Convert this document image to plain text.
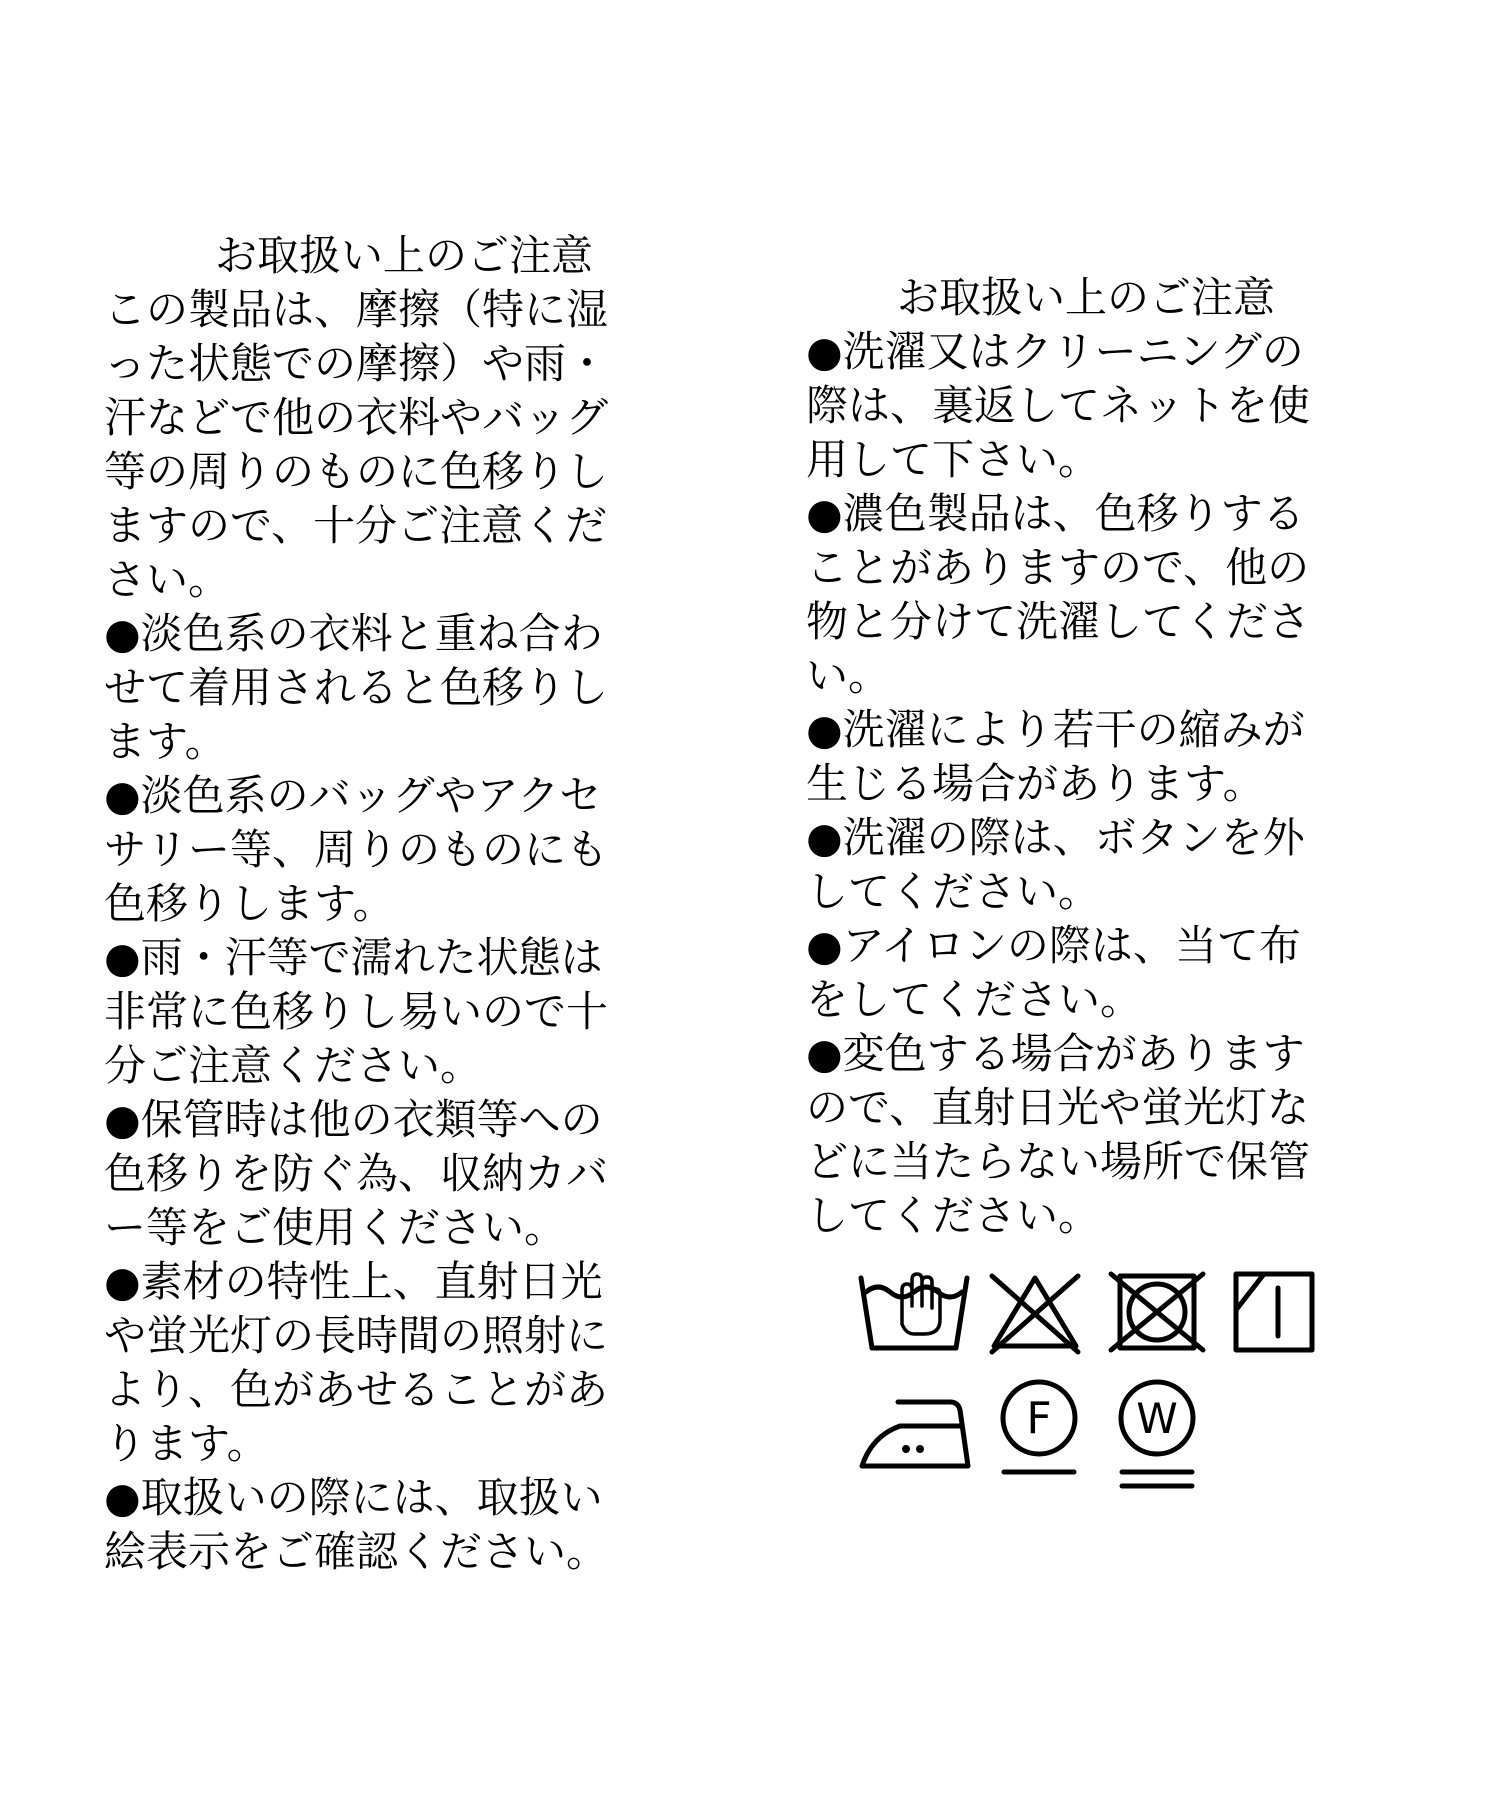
お取扱い上のご注意
この製品は、摩擦（特に湿
った状態での摩擦）や雨・
汗などで他の衣料やバッグ
等の周りのものに色移りし
ますので、十分ご注意くだ
さい。
●淡色系の衣料と重ね合わ
せて着用されると色移りし
ます。
●淡色系のバッグやアクセ
サリー等、周りのものにも
色移りします。
●雨・汗等で濡れた状態は
非常に色移りし易いので十
分ご注意ください。
●保管時は他の衣類等への
色移りを防ぐ為、収納カバ
ー等をご使用ください。
●素材の特性上、直射日光
や蛍光灯の長時間の照射に
より、色があせることがあ
ります。
●取扱いの際には、取扱い
絵表示をご確認ください。
お取扱い上のご注意
●洗濯又はクリーニングの
際は、裏返してネットを使
用して下さい。
●濃色製品は、色移りする
ことがありますので、他の
物と分けて洗濯してくださ
い。
●洗濯により若干の縮みが
生じる場合があります。
●洗濯の際は、ボタンを外
してください。
●アイロンの際は、当て布
をしてください。
●変色する場合があります
ので、直射日光や蛍光灯な
どに当たらない場所で保管
してください。
F W
